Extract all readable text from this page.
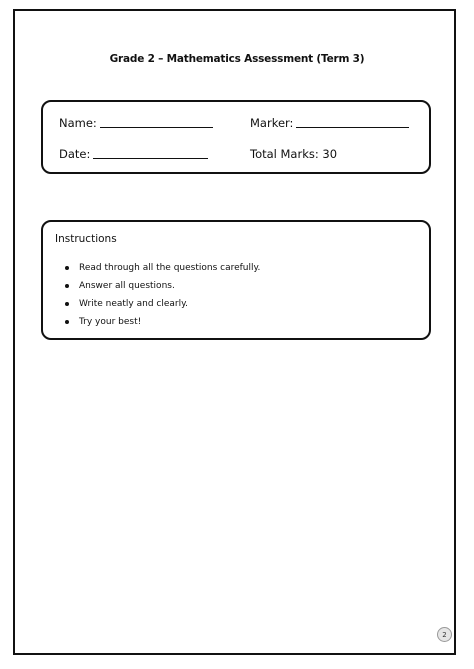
Grade 2 – Mathematics Assessment (Term 3)
Name:	Marker:
Date:	Total Marks: 30
Instructions
Read through all the questions carefully.
Answer all questions.
Write neatly and clearly.
Try your best!
2
